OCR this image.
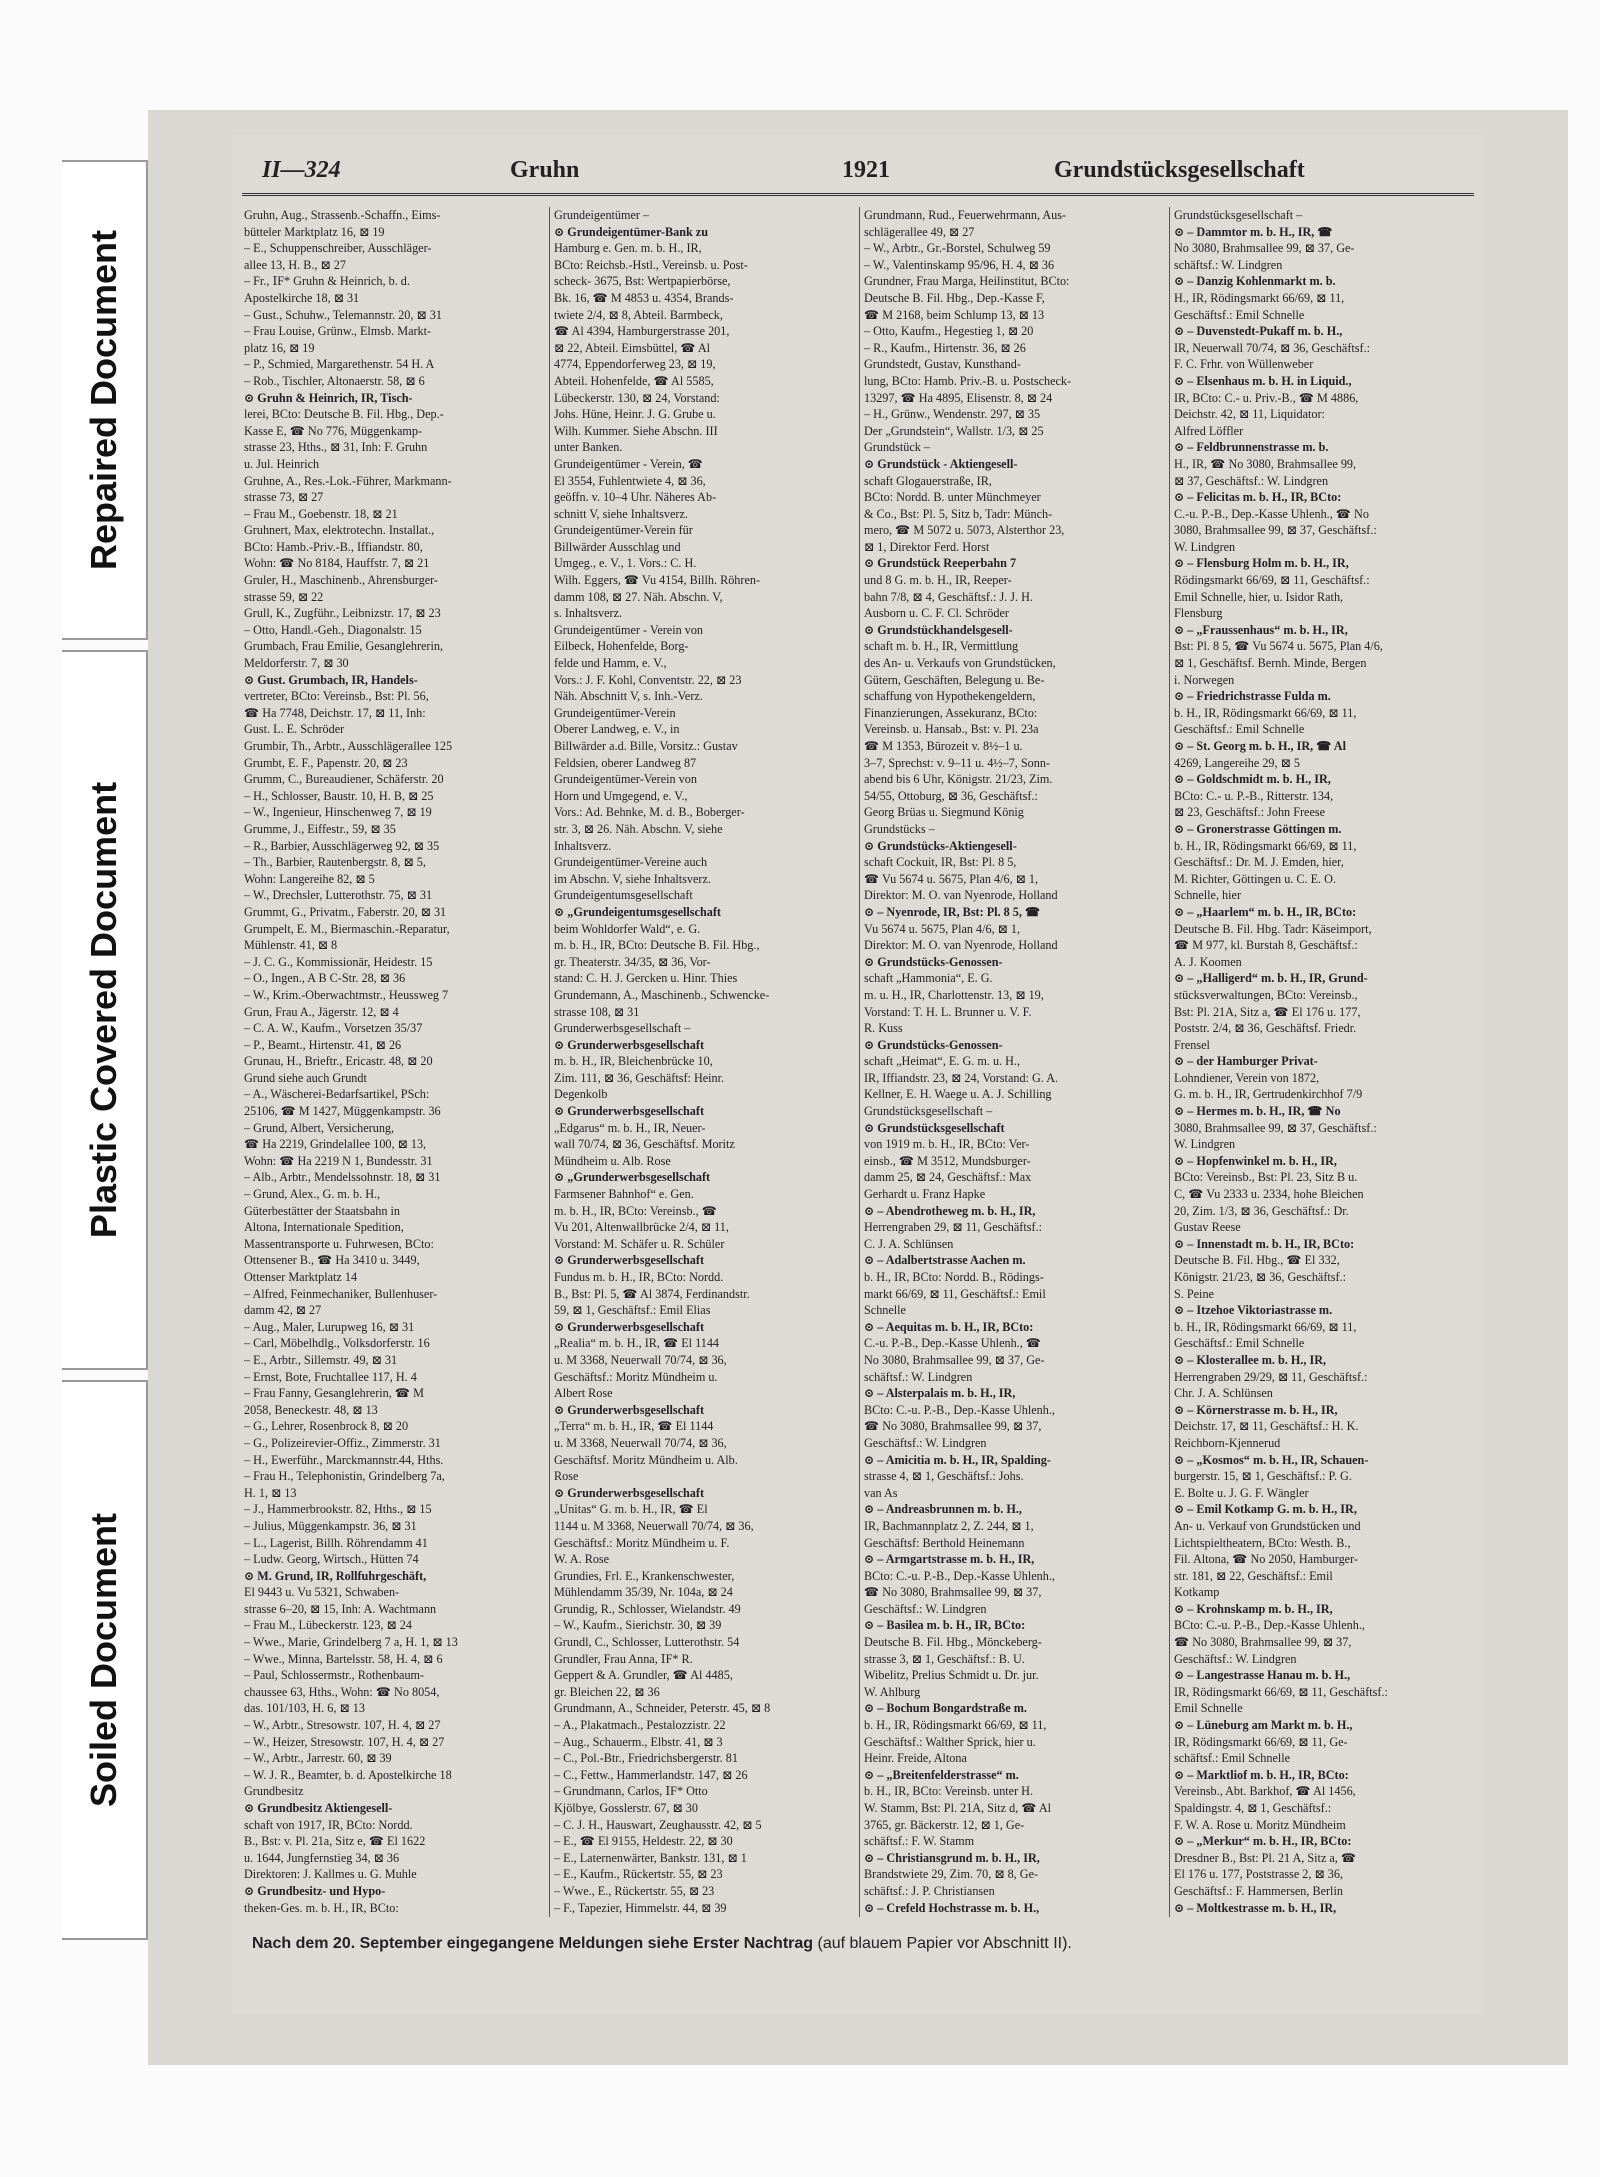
Repaired Document
Plastic Covered Document
Soiled Document
II—324	Gruhn	1921	Grundstücksgesellschaft
Gruhn, Aug., Strassenb.-Schaffn., Eims-
bütteler Marktplatz 16, ⊠ 19
– E., Schuppenschreiber, Ausschläger-
allee 13, H. B., ⊠ 27
– Fr., ⅠF* Gruhn & Heinrich, b. d.
Apostelkirche 18, ⊠ 31
– Gust., Schuhw., Telemannstr. 20, ⊠ 31
– Frau Louise, Grünw., Elmsb. Markt-
platz 16, ⊠ 19
– P., Schmied, Margarethenstr. 54 H. A
– Rob., Tischler, Altonaerstr. 58, ⊠ 6
⊙ Gruhn & Heinrich, IR, Tisch-
lerei, BCto: Deutsche B. Fil. Hbg., Dep.-
Kasse E, ☎ No 776, Müggenkamp-
strasse 23, Hths., ⊠ 31, Inh: F. Gruhn
u. Jul. Heinrich
Gruhne, A., Res.-Lok.-Führer, Markmann-
strasse 73, ⊠ 27
– Frau M., Goebenstr. 18, ⊠ 21
Gruhnert, Max, elektrotechn. Installat.,
BCto: Hamb.-Priv.-B., Iffiandstr. 80,
Wohn: ☎ No 8184, Hauffstr. 7, ⊠ 21
Gruler, H., Maschinenb., Ahrensburger-
strasse 59, ⊠ 22
Grull, K., Zugführ., Leibnizstr. 17, ⊠ 23
– Otto, Handl.-Geh., Diagonalstr. 15
Grumbach, Frau Emilie, Gesanglehrerin,
Meldorferstr. 7, ⊠ 30
⊙ Gust. Grumbach, IR, Handels-
vertreter, BCto: Vereinsb., Bst: Pl. 56,
☎ Ha 7748, Deichstr. 17, ⊠ 11, Inh:
Gust. L. E. Schröder
Grumbir, Th., Arbtr., Ausschlägerallee 125
Grumbt, E. F., Papenstr. 20, ⊠ 23
Grumm, C., Bureaudiener, Schäferstr. 20
– H., Schlosser, Baustr. 10, H. B, ⊠ 25
– W., Ingenieur, Hinschenweg 7, ⊠ 19
Grumme, J., Eiffestr., 59, ⊠ 35
– R., Barbier, Ausschlägerweg 92, ⊠ 35
– Th., Barbier, Rautenbergstr. 8, ⊠ 5,
Wohn: Langereihe 82, ⊠ 5
– W., Drechsler, Lutterothstr. 75, ⊠ 31
Grummt, G., Privatm., Faberstr. 20, ⊠ 31
Grumpelt, E. M., Biermaschin.-Reparatur,
Mühlenstr. 41, ⊠ 8
– J. C. G., Kommissionär, Heidestr. 15
– O., Ingen., A B C-Str. 28, ⊠ 36
– W., Krim.-Oberwachtmstr., Heussweg 7
Grun, Frau A., Jägerstr. 12, ⊠ 4
– C. A. W., Kaufm., Vorsetzen 35/37
– P., Beamt., Hirtenstr. 41, ⊠ 26
Grunau, H., Brieftr., Ericastr. 48, ⊠ 20
Grund siehe auch Grundt
– A., Wäscherei-Bedarfsartikel, PSch:
25106, ☎ M 1427, Müggenkampstr. 36
– Grund, Albert, Versicherung,
☎ Ha 2219, Grindelallee 100, ⊠ 13,
Wohn: ☎ Ha 2219 N 1, Bundesstr. 31
– Alb., Arbtr., Mendelssohnstr. 18, ⊠ 31
– Grund, Alex., G. m. b. H.,
Güterbestätter der Staatsbahn in
Altona, Internationale Spedition,
Massentransporte u. Fuhrwesen, BCto:
Ottensener B., ☎ Ha 3410 u. 3449,
Ottenser Marktplatz 14
– Alfred, Feinmechaniker, Bullenhuser-
damm 42, ⊠ 27
– Aug., Maler, Lurupweg 16, ⊠ 31
– Carl, Möbelhdlg., Volksdorferstr. 16
– E., Arbtr., Sillemstr. 49, ⊠ 31
– Ernst, Bote, Fruchtallee 117, H. 4
– Frau Fanny, Gesanglehrerin, ☎ M
2058, Beneckestr. 48, ⊠ 13
– G., Lehrer, Rosenbrock 8, ⊠ 20
– G., Polizeirevier-Offiz., Zimmerstr. 31
– H., Ewerführ., Marckmannstr.44, Hths.
– Frau H., Telephonistin, Grindelberg 7a,
H. 1, ⊠ 13
– J., Hammerbrookstr. 82, Hths., ⊠ 15
– Julius, Müggenkampstr. 36, ⊠ 31
– L., Lagerist, Billh. Röhrendamm 41
– Ludw. Georg, Wirtsch., Hütten 74
⊙ M. Grund, IR, Rollfuhrgeschäft,
El 9443 u. Vu 5321, Schwaben-
strasse 6–20, ⊠ 15, Inh: A. Wachtmann
– Frau M., Lübeckerstr. 123, ⊠ 24
– Wwe., Marie, Grindelberg 7 a, H. 1, ⊠ 13
– Wwe., Minna, Bartelsstr. 58, H. 4, ⊠ 6
– Paul, Schlossermstr., Rothenbaum-
chaussee 63, Hths., Wohn: ☎ No 8054,
das. 101/103, H. 6, ⊠ 13
– W., Arbtr., Stresowstr. 107, H. 4, ⊠ 27
– W., Heizer, Stresowstr. 107, H. 4, ⊠ 27
– W., Arbtr., Jarrestr. 60, ⊠ 39
– W. J. R., Beamter, b. d. Apostelkirche 18
Grundbesitz
⊙ Grundbesitz Aktiengesell-
schaft von 1917, IR, BCto: Nordd.
B., Bst: v. Pl. 21a, Sitz e, ☎ El 1622
u. 1644, Jungfernstieg 34, ⊠ 36
Direktoren: J. Kallmes u. G. Muhle
⊙ Grundbesitz- und Hypo-
theken-Ges. m. b. H., IR, BCto:
Grundeigentümer –
⊙ Grundeigentümer-Bank zu
Hamburg e. Gen. m. b. H., IR,
BCto: Reichsb.-Hstl., Vereinsb. u. Post-
scheck- 3675, Bst: Wertpapierbörse,
Bk. 16, ☎ M 4853 u. 4354, Brands-
twiete 2/4, ⊠ 8, Abteil. Barmbeck,
☎ Al 4394, Hamburgerstrasse 201,
⊠ 22, Abteil. Eimsbüttel, ☎ Al
4774, Eppendorferweg 23, ⊠ 19,
Abteil. Hohenfelde, ☎ Al 5585,
Lübeckerstr. 130, ⊠ 24, Vorstand:
Johs. Hüne, Heinr. J. G. Grube u.
Wilh. Kummer. Siehe Abschn. III
unter Banken.
Grundeigentümer - Verein, ☎
El 3554, Fuhlentwiete 4, ⊠ 36,
geöffn. v. 10–4 Uhr. Näheres Ab-
schnitt V, siehe Inhaltsverz.
Grundeigentümer-Verein für
Billwärder Ausschlag und
Umgeg., e. V., 1. Vors.: C. H.
Wilh. Eggers, ☎ Vu 4154, Billh. Röhren-
damm 108, ⊠ 27. Näh. Abschn. V,
s. Inhaltsverz.
Grundeigentümer - Verein von
Eilbeck, Hohenfelde, Borg-
felde und Hamm, e. V.,
Vors.: J. F. Kohl, Conventstr. 22, ⊠ 23
Näh. Abschnitt V, s. Inh.-Verz.
Grundeigentümer-Verein
Oberer Landweg, e. V., in
Billwärder a.d. Bille, Vorsitz.: Gustav
Feldsien, oberer Landweg 87
Grundeigentümer-Verein von
Horn und Umgegend, e. V.,
Vors.: Ad. Behnke, M. d. B., Boberger-
str. 3, ⊠ 26. Näh. Abschn. V, siehe
Inhaltsverz.
Grundeigentümer-Vereine auch
im Abschn. V, siehe Inhaltsverz.
Grundeigentumsgesellschaft
⊙ „Grundeigentumsgesellschaft
beim Wohldorfer Wald“, e. G.
m. b. H., IR, BCto: Deutsche B. Fil. Hbg.,
gr. Theaterstr. 34/35, ⊠ 36, Vor-
stand: C. H. J. Gercken u. Hinr. Thies
Grundemann, A., Maschinenb., Schwencke-
strasse 108, ⊠ 31
Grunderwerbsgesellschaft –
⊙ Grunderwerbsgesellschaft
m. b. H., IR, Bleichenbrücke 10,
Zim. 111, ⊠ 36, Geschäftsf: Heinr.
Degenkolb
⊙ Grunderwerbsgesellschaft
„Edgarus“ m. b. H., IR, Neuer-
wall 70/74, ⊠ 36, Geschäftsf. Moritz
Mündheim u. Alb. Rose
⊙ „Grunderwerbsgesellschaft
Farmsener Bahnhof“ e. Gen.
m. b. H., IR, BCto: Vereinsb., ☎
Vu 201, Altenwallbrücke 2/4, ⊠ 11,
Vorstand: M. Schäfer u. R. Schüler
⊙ Grunderwerbsgesellschaft
Fundus m. b. H., IR, BCto: Nordd.
B., Bst: Pl. 5, ☎ Al 3874, Ferdinandstr.
59, ⊠ 1, Geschäftsf.: Emil Elias
⊙ Grunderwerbsgesellschaft
„Realia“ m. b. H., IR, ☎ El 1144
u. M 3368, Neuerwall 70/74, ⊠ 36,
Geschäftsf.: Moritz Mündheim u.
Albert Rose
⊙ Grunderwerbsgesellschaft
„Terra“ m. b. H., IR, ☎ El 1144
u. M 3368, Neuerwall 70/74, ⊠ 36,
Geschäftsf. Moritz Mündheim u. Alb.
Rose
⊙ Grunderwerbsgesellschaft
„Unitas“ G. m. b. H., IR, ☎ El
1144 u. M 3368, Neuerwall 70/74, ⊠ 36,
Geschäftsf.: Moritz Mündheim u. F.
W. A. Rose
Grundies, Frl. E., Krankenschwester,
Mühlendamm 35/39, Nr. 104a, ⊠ 24
Grundig, R., Schlosser, Wielandstr. 49
– W., Kaufm., Sierichstr. 30, ⊠ 39
Grundl, C., Schlosser, Lutterothstr. 54
Grundler, Frau Anna, ⅠF* R.
Geppert & A. Grundler, ☎ Al 4485,
gr. Bleichen 22, ⊠ 36
Grundmann, A., Schneider, Peterstr. 45, ⊠ 8
– A., Plakatmach., Pestalozzistr. 22
– Aug., Schauerm., Elbstr. 41, ⊠ 3
– C., Pol.-Btr., Friedrichsbergerstr. 81
– C., Fettw., Hammerlandstr. 147, ⊠ 26
– Grundmann, Carlos, ⅠF* Otto
Kjölbye, Gosslerstr. 67, ⊠ 30
– C. J. H., Hauswart, Zeughausstr. 42, ⊠ 5
– E., ☎ El 9155, Heldestr. 22, ⊠ 30
– E., Laternenwärter, Bankstr. 131, ⊠ 1
– E., Kaufm., Rückertstr. 55, ⊠ 23
– Wwe., E., Rückertstr. 55, ⊠ 23
– F., Tapezier, Himmelstr. 44, ⊠ 39
Grundmann, Rud., Feuerwehrmann, Aus-
schlägerallee 49, ⊠ 27
– W., Arbtr., Gr.-Borstel, Schulweg 59
– W., Valentinskamp 95/96, H. 4, ⊠ 36
Grundner, Frau Marga, Heilinstitut, BCto:
Deutsche B. Fil. Hbg., Dep.-Kasse F,
☎ M 2168, beim Schlump 13, ⊠ 13
– Otto, Kaufm., Hegestieg 1, ⊠ 20
– R., Kaufm., Hirtenstr. 36, ⊠ 26
Grundstedt, Gustav, Kunsthand-
lung, BCto: Hamb. Priv.-B. u. Postscheck-
13297, ☎ Ha 4895, Elisenstr. 8, ⊠ 24
– H., Grünw., Wendenstr. 297, ⊠ 35
Der „Grundstein“, Wallstr. 1/3, ⊠ 25
Grundstück –
⊙ Grundstück - Aktiengesell-
schaft Glogauerstraße, IR,
BCto: Nordd. B. unter Münchmeyer
& Co., Bst: Pl. 5, Sitz b, Tadr: Münch-
mero, ☎ M 5072 u. 5073, Alsterthor 23,
⊠ 1, Direktor Ferd. Horst
⊙ Grundstück Reeperbahn 7
und 8 G. m. b. H., IR, Reeper-
bahn 7/8, ⊠ 4, Geschäftsf.: J. J. H.
Ausborn u. C. F. Cl. Schröder
⊙ Grundstückhandelsgesell-
schaft m. b. H., IR, Vermittlung
des An- u. Verkaufs von Grundstücken,
Gütern, Geschäften, Belegung u. Be-
schaffung von Hypothekengeldern,
Finanzierungen, Assekuranz, BCto:
Vereinsb. u. Hansab., Bst: v. Pl. 23a
☎ M 1353, Bürozeit v. 8½–1 u.
3–7, Sprechst: v. 9–11 u. 4½–7, Sonn-
abend bis 6 Uhr, Königstr. 21/23, Zim.
54/55, Ottoburg, ⊠ 36, Geschäftsf.:
Georg Brüas u. Siegmund König
Grundstücks –
⊙ Grundstücks-Aktiengesell-
schaft Cockuit, IR, Bst: Pl. 8 5,
☎ Vu 5674 u. 5675, Plan 4/6, ⊠ 1,
Direktor: M. O. van Nyenrode, Holland
⊙ – Nyenrode, IR, Bst: Pl. 8 5, ☎
Vu 5674 u. 5675, Plan 4/6, ⊠ 1,
Direktor: M. O. van Nyenrode, Holland
⊙ Grundstücks-Genossen-
schaft „Hammonia“, E. G.
m. u. H., IR, Charlottenstr. 13, ⊠ 19,
Vorstand: T. H. L. Brunner u. V. F.
R. Kuss
⊙ Grundstücks-Genossen-
schaft „Heimat“, E. G. m. u. H.,
IR, Iffiandstr. 23, ⊠ 24, Vorstand: G. A.
Kellner, E. H. Waege u. A. J. Schilling
Grundstücksgesellschaft –
⊙ Grundstücksgesellschaft
von 1919 m. b. H., IR, BCto: Ver-
einsb., ☎ M 3512, Mundsburger-
damm 25, ⊠ 24, Geschäftsf.: Max
Gerhardt u. Franz Hapke
⊙ – Abendrotheweg m. b. H., IR,
Herrengraben 29, ⊠ 11, Geschäftsf.:
C. J. A. Schlünsen
⊙ – Adalbertstrasse Aachen m.
b. H., IR, BCto: Nordd. B., Rödings-
markt 66/69, ⊠ 11, Geschäftsf.: Emil
Schnelle
⊙ – Aequitas m. b. H., IR, BCto:
C.-u. P.-B., Dep.-Kasse Uhlenh., ☎
No 3080, Brahmsallee 99, ⊠ 37, Ge-
schäftsf.: W. Lindgren
⊙ – Alsterpalais m. b. H., IR,
BCto: C.-u. P.-B., Dep.-Kasse Uhlenh.,
☎ No 3080, Brahmsallee 99, ⊠ 37,
Geschäftsf.: W. Lindgren
⊙ – Amicitia m. b. H., IR, Spalding-
strasse 4, ⊠ 1, Geschäftsf.: Johs.
van As
⊙ – Andreasbrunnen m. b. H.,
IR, Bachmannplatz 2, Z. 244, ⊠ 1,
Geschäftsf: Berthold Heinemann
⊙ – Armgartstrasse m. b. H., IR,
BCto: C.-u. P.-B., Dep.-Kasse Uhlenh.,
☎ No 3080, Brahmsallee 99, ⊠ 37,
Geschäftsf.: W. Lindgren
⊙ – Basilea m. b. H., IR, BCto:
Deutsche B. Fil. Hbg., Mönckeberg-
strasse 3, ⊠ 1, Geschäftsf.: B. U.
Wibelitz, Prelius Schmidt u. Dr. jur.
W. Ahlburg
⊙ – Bochum Bongardstraße m.
b. H., IR, Rödingsmarkt 66/69, ⊠ 11,
Geschäftsf.: Walther Sprick, hier u.
Heinr. Freide, Altona
⊙ – „Breitenfelderstrasse“ m.
b. H., IR, BCto: Vereinsb. unter H.
W. Stamm, Bst: Pl. 21A, Sitz d, ☎ Al
3765, gr. Bäckerstr. 12, ⊠ 1, Ge-
schäftsf.: F. W. Stamm
⊙ – Christiansgrund m. b. H., IR,
Brandstwiete 29, Zim. 70, ⊠ 8, Ge-
schäftsf.: J. P. Christiansen
⊙ – Crefeld Hochstrasse m. b. H.,
Grundstücksgesellschaft –
⊙ – Dammtor m. b. H., IR, ☎
No 3080, Brahmsallee 99, ⊠ 37, Ge-
schäftsf.: W. Lindgren
⊙ – Danzig Kohlenmarkt m. b.
H., IR, Rödingsmarkt 66/69, ⊠ 11,
Geschäftsf.: Emil Schnelle
⊙ – Duvenstedt-Pukaff m. b. H.,
IR, Neuerwall 70/74, ⊠ 36, Geschäftsf.:
F. C. Frhr. von Wüllenweber
⊙ – Elsenhaus m. b. H. in Liquid.,
IR, BCto: C.- u. Priv.-B., ☎ M 4886,
Deichstr. 42, ⊠ 11, Liquidator:
Alfred Löffler
⊙ – Feldbrunnenstrasse m. b.
H., IR, ☎ No 3080, Brahmsallee 99,
⊠ 37, Geschäftsf.: W. Lindgren
⊙ – Felicitas m. b. H., IR, BCto:
C.-u. P.-B., Dep.-Kasse Uhlenh., ☎ No
3080, Brahmsallee 99, ⊠ 37, Geschäftsf.:
W. Lindgren
⊙ – Flensburg Holm m. b. H., IR,
Rödingsmarkt 66/69, ⊠ 11, Geschäftsf.:
Emil Schnelle, hier, u. Isidor Rath,
Flensburg
⊙ – „Fraussenhaus“ m. b. H., IR,
Bst: Pl. 8 5, ☎ Vu 5674 u. 5675, Plan 4/6,
⊠ 1, Geschäftsf. Bernh. Minde, Bergen
i. Norwegen
⊙ – Friedrichstrasse Fulda m.
b. H., IR, Rödingsmarkt 66/69, ⊠ 11,
Geschäftsf.: Emil Schnelle
⊙ – St. Georg m. b. H., IR, ☎ Al
4269, Langereihe 29, ⊠ 5
⊙ – Goldschmidt m. b. H., IR,
BCto: C.- u. P.-B., Ritterstr. 134,
⊠ 23, Geschäftsf.: John Freese
⊙ – Gronerstrasse Göttingen m.
b. H., IR, Rödingsmarkt 66/69, ⊠ 11,
Geschäftsf.: Dr. M. J. Emden, hier,
M. Richter, Göttingen u. C. E. O.
Schnelle, hier
⊙ – „Haarlem“ m. b. H., IR, BCto:
Deutsche B. Fil. Hbg. Tadr: Käseimport,
☎ M 977, kl. Burstah 8, Geschäftsf.:
A. J. Koomen
⊙ – „Halligerd“ m. b. H., IR, Grund-
stücksverwaltungen, BCto: Vereinsb.,
Bst: Pl. 21A, Sitz a, ☎ El 176 u. 177,
Poststr. 2/4, ⊠ 36, Geschäftsf. Friedr.
Frensel
⊙ – der Hamburger Privat-
Lohndiener, Verein von 1872,
G. m. b. H., IR, Gertrudenkirchhof 7/9
⊙ – Hermes m. b. H., IR, ☎ No
3080, Brahmsallee 99, ⊠ 37, Geschäftsf.:
W. Lindgren
⊙ – Hopfenwinkel m. b. H., IR,
BCto: Vereinsb., Bst: Pl. 23, Sitz B u.
C, ☎ Vu 2333 u. 2334, hohe Bleichen
20, Zim. 1/3, ⊠ 36, Geschäftsf.: Dr.
Gustav Reese
⊙ – Innenstadt m. b. H., IR, BCto:
Deutsche B. Fil. Hbg., ☎ El 332,
Königstr. 21/23, ⊠ 36, Geschäftsf.:
S. Peine
⊙ – Itzehoe Viktoriastrasse m.
b. H., IR, Rödingsmarkt 66/69, ⊠ 11,
Geschäftsf.: Emil Schnelle
⊙ – Klosterallee m. b. H., IR,
Herrengraben 29/29, ⊠ 11, Geschäftsf.:
Chr. J. A. Schlünsen
⊙ – Körnerstrasse m. b. H., IR,
Deichstr. 17, ⊠ 11, Geschäftsf.: H. K.
Reichborn-Kjennerud
⊙ – „Kosmos“ m. b. H., IR, Schauen-
burgerstr. 15, ⊠ 1, Geschäftsf.: P. G.
E. Bolte u. J. G. F. Wängler
⊙ – Emil Kotkamp G. m. b. H., IR,
An- u. Verkauf von Grundstücken und
Lichtspieltheatern, BCto: Westh. B.,
Fil. Altona, ☎ No 2050, Hamburger-
str. 181, ⊠ 22, Geschäftsf.: Emil
Kotkamp
⊙ – Krohnskamp m. b. H., IR,
BCto: C.-u. P.-B., Dep.-Kasse Uhlenh.,
☎ No 3080, Brahmsallee 99, ⊠ 37,
Geschäftsf.: W. Lindgren
⊙ – Langestrasse Hanau m. b. H.,
IR, Rödingsmarkt 66/69, ⊠ 11, Geschäftsf.:
Emil Schnelle
⊙ – Lüneburg am Markt m. b. H.,
IR, Rödingsmarkt 66/69, ⊠ 11, Ge-
schäftsf.: Emil Schnelle
⊙ – Marktliof m. b. H., IR, BCto:
Vereinsb., Abt. Barkhof, ☎ Al 1456,
Spaldingstr. 4, ⊠ 1, Geschäftsf.:
F. W. A. Rose u. Moritz Mündheim
⊙ – „Merkur“ m. b. H., IR, BCto:
Dresdner B., Bst: Pl. 21 A, Sitz a, ☎
El 176 u. 177, Poststrasse 2, ⊠ 36,
Geschäftsf.: F. Hammersen, Berlin
⊙ – Moltkestrasse m. b. H., IR,
Nach dem 20. September eingegangene Meldungen siehe Erster Nachtrag (auf blauem Papier vor Abschnitt II).
